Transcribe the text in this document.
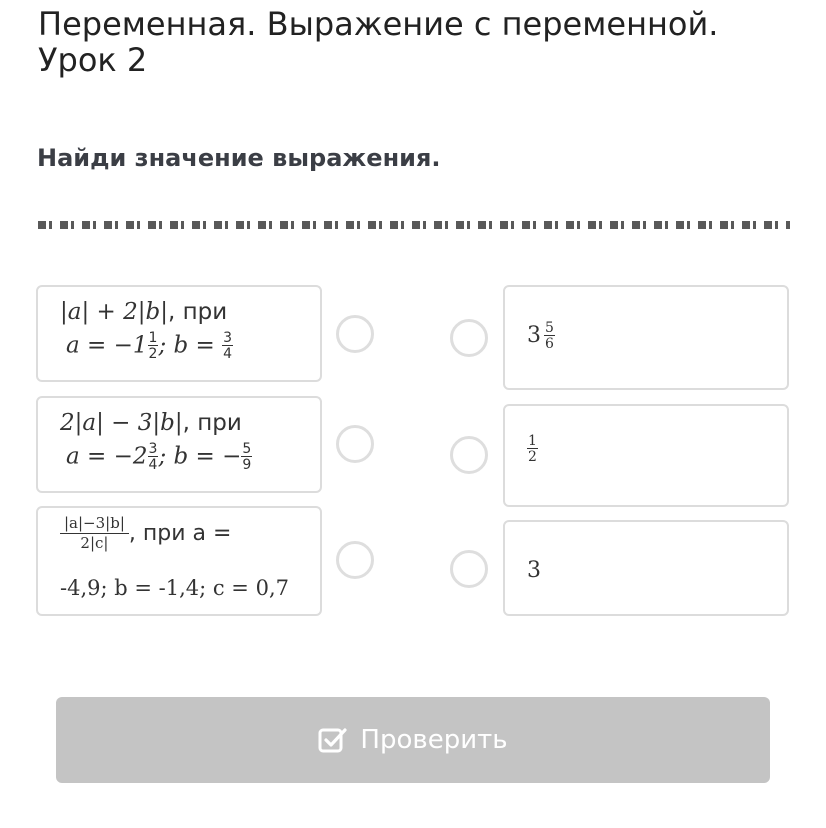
Переменная. Выражение с переменной.
Урок 2
Найди значение выражения.
|a| + 2|b|, при
$a = -1 \frac{1}{2}$ ; $b = \frac{3}{4}$
2|a| − 3|b|, при
$a = -2 \frac{3}{4}$ ; b = − $\frac{5}{9}$
$\frac{|a|-3|b|}{2|c|}$ , при a =
-4,9; b = -1,4; c = 0,7
$3 \frac{5}{6}$
$\frac{1}{2}$
3
Проверить
